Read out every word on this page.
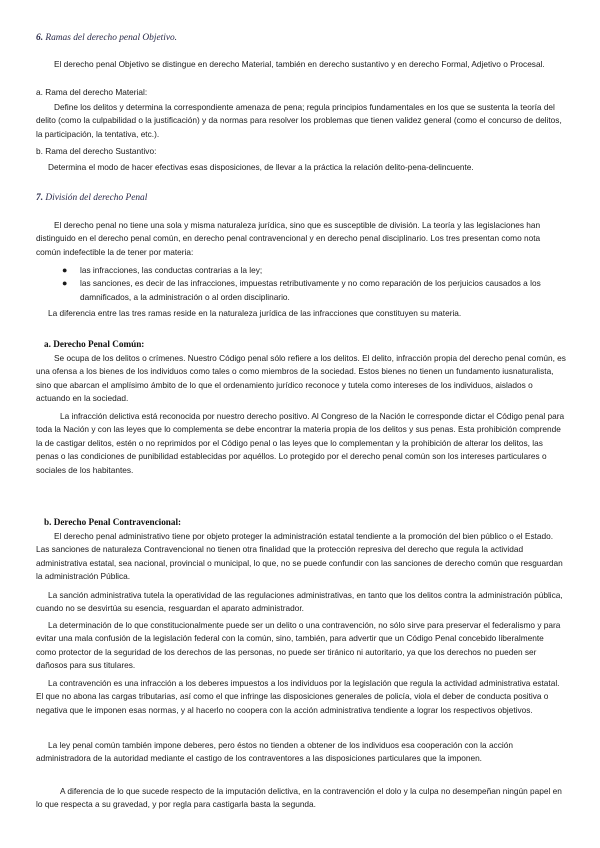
6. Ramas del derecho penal Objetivo.

El derecho penal Objetivo se distingue en derecho Material, también en derecho sustantivo y en derecho Formal, Adjetivo o Procesal.

a. Rama del derecho Material:

Define los delitos y determina la correspondiente amenaza de pena; regula principios fundamentales en los que se sustenta la teoría del delito (como la culpabilidad o la justificación) y da normas para resolver los problemas que tienen validez general (como el concurso de delitos, la participación, la tentativa, etc.).

b. Rama del derecho Sustantivo:

Determina el modo de hacer efectivas esas disposiciones, de llevar a la práctica la relación delito-pena-delincuente.

7. División del derecho Penal

El derecho penal no tiene una sola y misma naturaleza jurídica, sino que es susceptible de división. La teoría y las legislaciones han distinguido en el derecho penal común, en derecho penal contravencional y en derecho penal disciplinario. Los tres presentan como nota común indefectible la de tener por materia:

● las infracciones, las conductas contrarias a la ley;
● las sanciones, es decir de las infracciones, impuestas retributivamente y no como reparación de los perjuicios causados a los damnificados, a la administración o al orden disciplinario.

La diferencia entre las tres ramas reside en la naturaleza jurídica de las infracciones que constituyen su materia.

a. Derecho Penal Común:

Se ocupa de los delitos o crímenes. Nuestro Código penal sólo refiere a los delitos. El delito, infracción propia del derecho penal común, es una ofensa a los bienes de los individuos como tales o como miembros de la sociedad. Estos bienes no tienen un fundamento iusnaturalista, sino que abarcan el amplísimo ámbito de lo que el ordenamiento jurídico reconoce y tutela como intereses de los individuos, aislados o actuando en la sociedad.

La infracción delictiva está reconocida por nuestro derecho positivo. Al Congreso de la Nación le corresponde dictar el Código penal para toda la Nación y con las leyes que lo complementa se debe encontrar la materia propia de los delitos y sus penas. Esta prohibición comprende la de castigar delitos, estén o no reprimidos por el Código penal o las leyes que lo complementan y la prohibición de alterar los delitos, las penas o las condiciones de punibilidad establecidas por aquéllos. Lo protegido por el derecho penal común son los intereses particulares o sociales de los habitantes.

b. Derecho Penal Contravencional:

El derecho penal administrativo tiene por objeto proteger la administración estatal tendiente a la promoción del bien público o el Estado. Las sanciones de naturaleza Contravencional no tienen otra finalidad que la protección represiva del derecho que regula la actividad administrativa estatal, sea nacional, provincial o municipal, lo que, no se puede confundir con las sanciones de derecho común que resguardan la administración Pública.

La sanción administrativa tutela la operatividad de las regulaciones administrativas, en tanto que los delitos contra la administración pública, cuando no se desvirtúa su esencia, resguardan el aparato administrador.

La determinación de lo que constitucionalmente puede ser un delito o una contravención, no sólo sirve para preservar el federalismo y para evitar una mala confusión de la legislación federal con la común, sino, también, para advertir que un Código Penal concebido liberalmente como protector de la seguridad de los derechos de las personas, no puede ser tiránico ni autoritario, ya que los derechos no pueden ser dañosos para sus titulares.

La contravención es una infracción a los deberes impuestos a los individuos por la legislación que regula la actividad administrativa estatal. El que no abona las cargas tributarias, así como el que infringe las disposiciones generales de policía, viola el deber de conducta positiva o negativa que le imponen esas normas, y al hacerlo no coopera con la acción administrativa tendiente a lograr los respectivos objetivos.

La ley penal común también impone deberes, pero éstos no tienden a obtener de los individuos esa cooperación con la acción administradora de la autoridad mediante el castigo de los contraventores a las disposiciones particulares que la imponen.

A diferencia de lo que sucede respecto de la imputación delictiva, en la contravención el dolo y la culpa no desempeñan ningún papel en lo que respecta a su gravedad, y por regla para castigarla basta la segunda.
